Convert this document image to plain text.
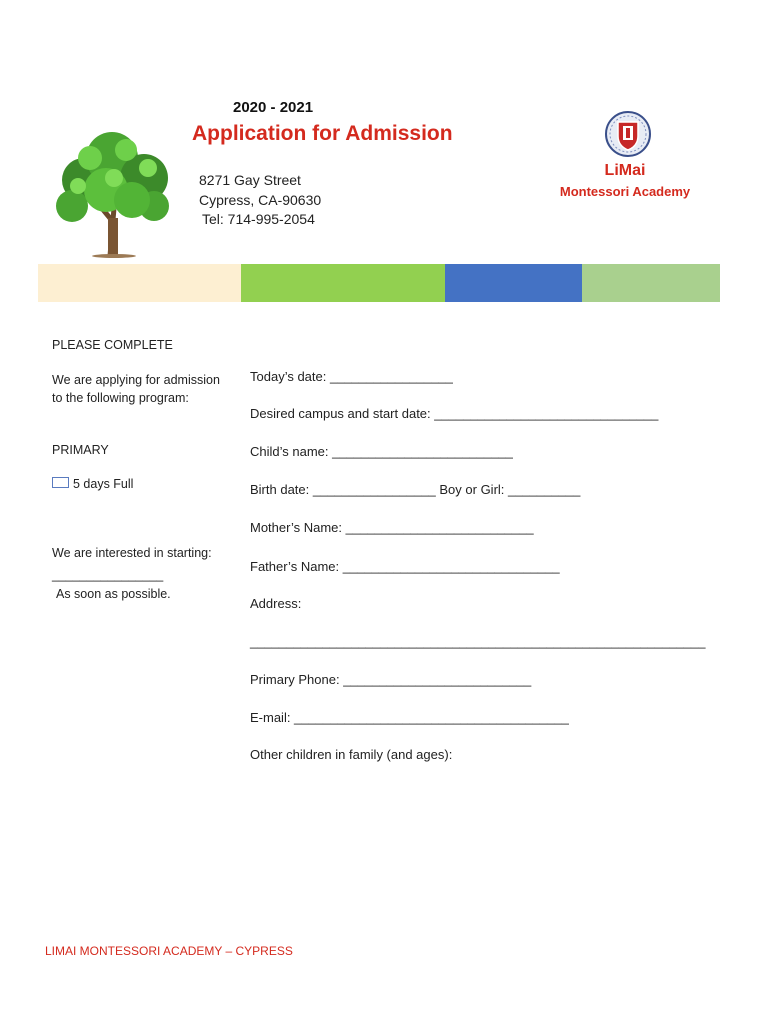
2020 - 2021
Application for Admission
8271 Gay Street
Cypress, CA-90630
Tel: 714-995-2054
LiMai
Montessori Academy
PLEASE COMPLETE
We are applying for admission
to the following program:
PRIMARY
5 days Full
We are interested in starting:
________________
As soon as possible.
Today’s date: _________________
Desired campus and start date: _______________________________
Child’s name: _________________________
Birth date: _________________ Boy or Girl: __________
Mother’s Name: __________________________
Father’s Name: ______________________________
Address:
_______________________________________________________________
Primary Phone: __________________________
E-mail: ______________________________________
Other children in family (and ages):
LIMAI MONTESSORI ACADEMY – CYPRESS
